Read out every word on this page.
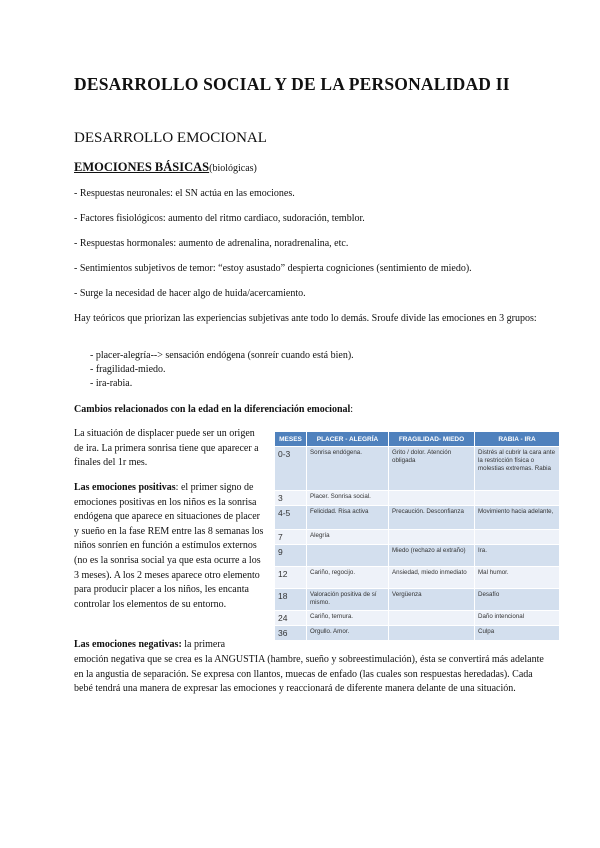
DESARROLLO SOCIAL Y DE LA PERSONALIDAD II
DESARROLLO EMOCIONAL
EMOCIONES BÁSICAS(biológicas)
- Respuestas neuronales: el SN actúa en las emociones.
- Factores fisiológicos: aumento del ritmo cardiaco, sudoración, temblor.
- Respuestas hormonales: aumento de adrenalina, noradrenalina, etc.
- Sentimientos subjetivos de temor: “estoy asustado” despierta cogniciones (sentimiento de miedo).
- Surge la necesidad de hacer algo de huida/acercamiento.
Hay teóricos que priorizan las experiencias subjetivas ante todo lo demás. Sroufe divide las emociones en 3 grupos:
- placer-alegría--> sensación endógena (sonreír cuando está bien).
- fragilidad-miedo.
- ira-rabia.
Cambios relacionados con la edad en la diferenciación emocional:
La situación de displacer puede ser un origen de ira. La primera sonrisa tiene que aparecer a finales del 1r mes.
Las emociones positivas: el primer signo de emociones positivas en los niños es la sonrisa endógena que aparece en situaciones de placer y sueño en la fase REM entre las 8 semanas los niños sonríen en función a estímulos externos (no es la sonrisa social ya que esta ocurre a los 3 meses). A los 2 meses aparece otro elemento para producir placer a los niños, les encanta controlar los elementos de su entorno.
Las emociones negativas: la primera
emoción negativa que se crea es la ANGUSTIA (hambre, sueño y sobreestimulación), ésta se convertirá más adelante en la angustia de separación. Se expresa con llantos, muecas de enfado (las cuales son respuestas heredadas). Cada bebé tendrá una manera de expresar las emociones y reaccionará de diferente manera delante de una situación.
MESES	PLACER - ALEGRÍA	FRAGILIDAD- MIEDO	RABIA - IRA
0-3	Sonrisa endógena.	Grito / dolor. Atención obligada	Distrés al cubrir la cara ante la restricción física o molestias extremas. Rabia
3	Placer. Sonrisa social.		
4-5	Felicidad. Risa activa	Precaución. Desconfianza	Movimiento hacia adelante,
7	Alegría		
9		Miedo (rechazo al extraño)	Ira.
12	Cariño, regocijo.	Ansiedad, miedo inmediato	Mal humor.
18	Valoración positiva de sí mismo.	Vergüenza	Desafío
24	Cariño, ternura.		Daño intencional
36	Orgullo. Amor.		Culpa
